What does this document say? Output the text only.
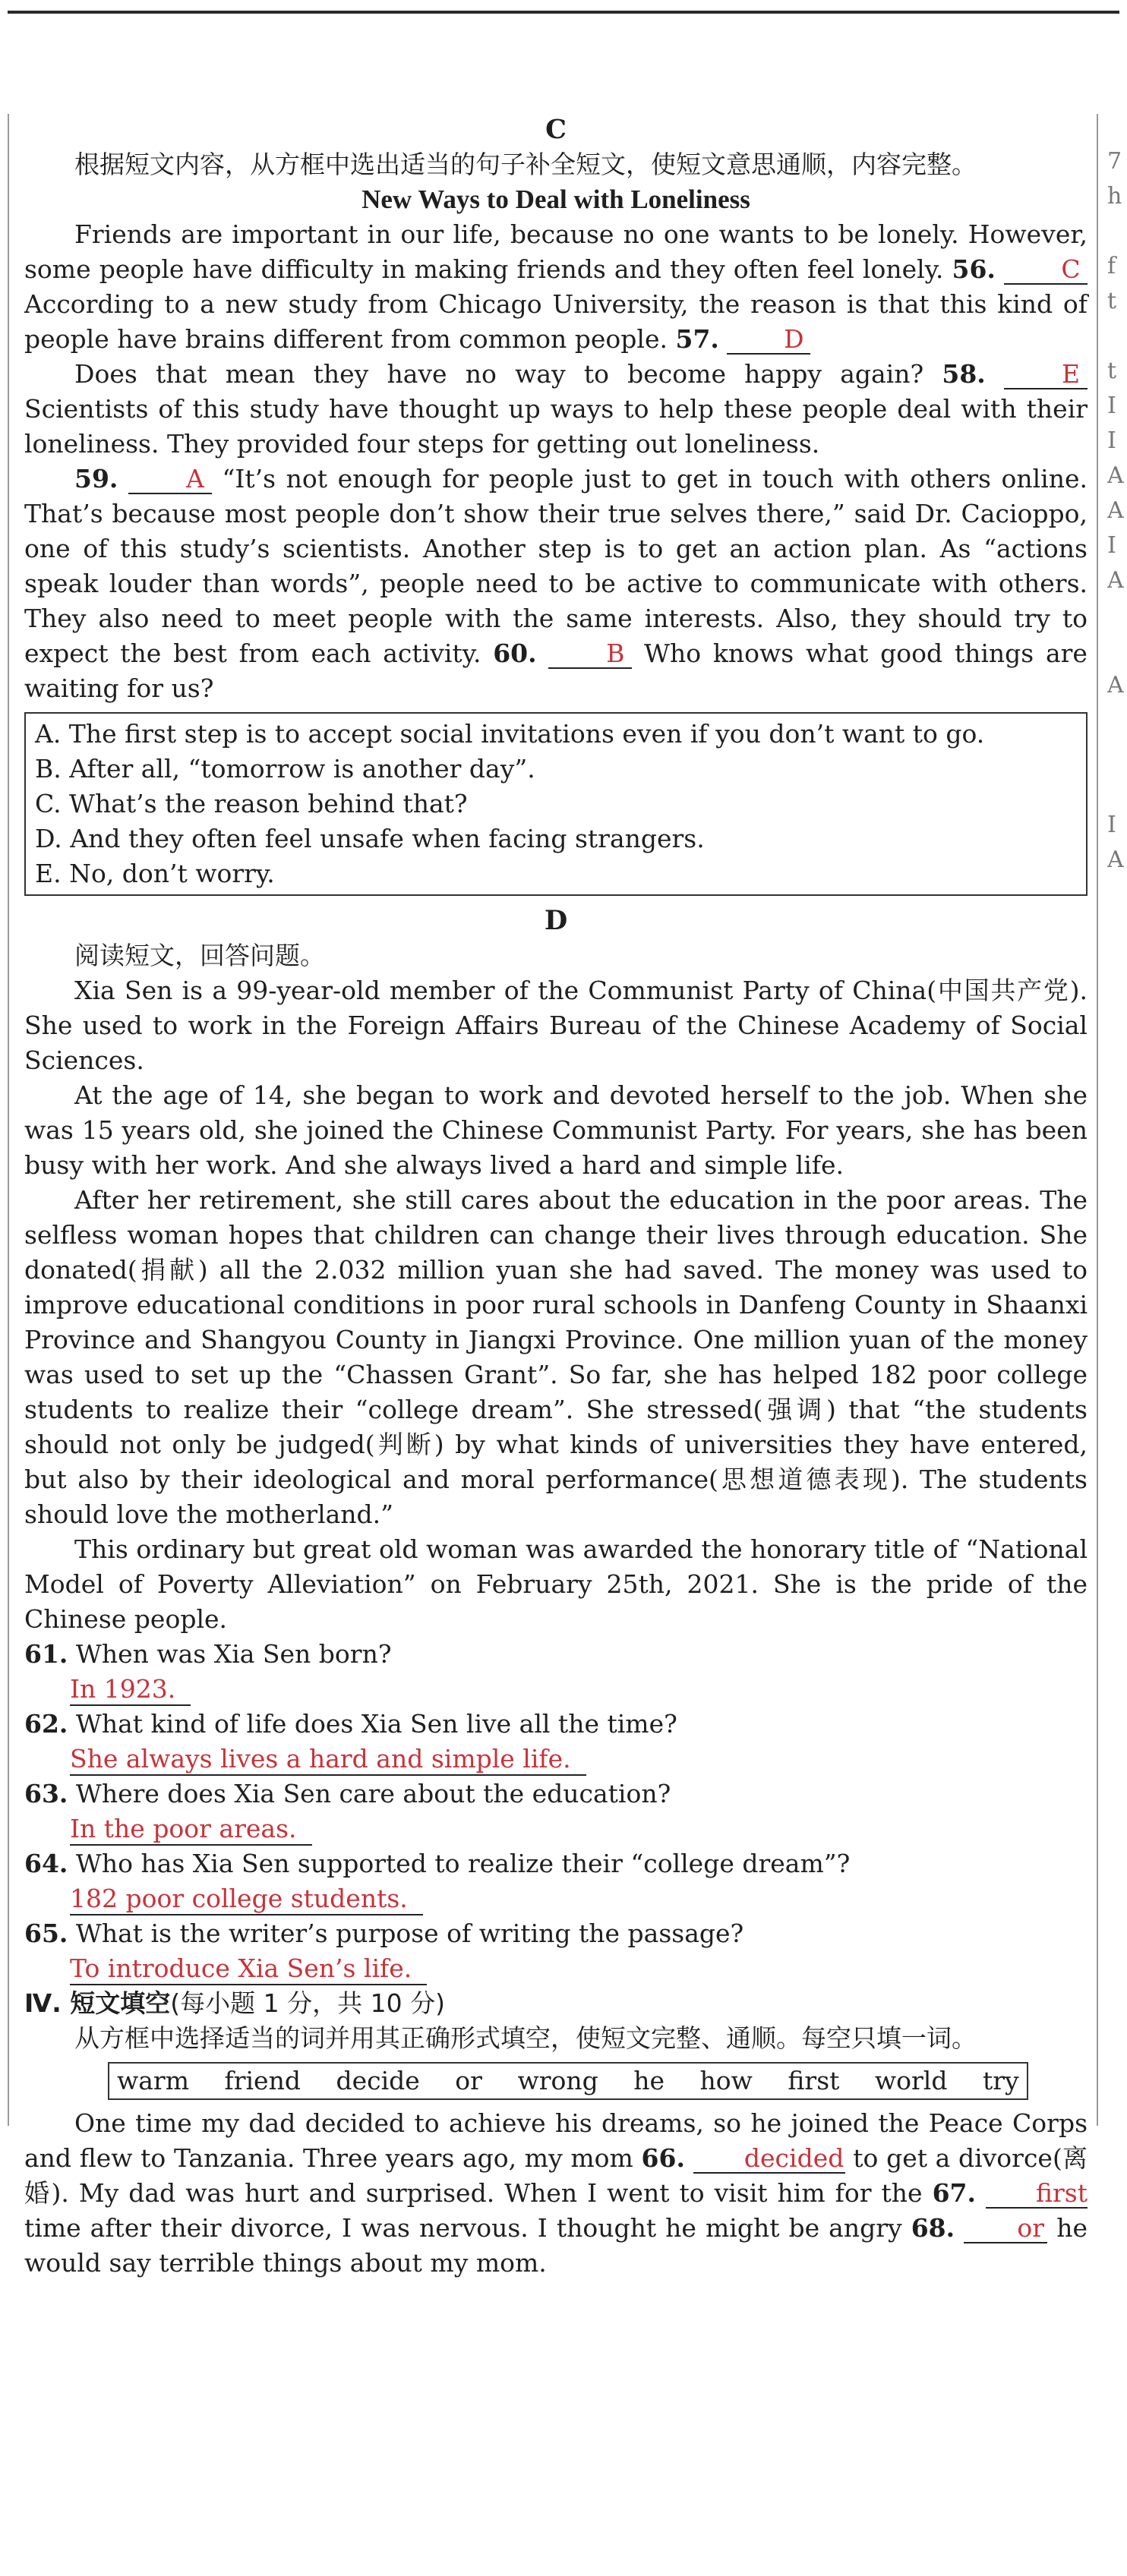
7
h
f
t
t
I
I
A
A
I
A
A
I
A
C

根据短文内容，从方框中选出适当的句子补全短文，使短文意思通顺，内容完整。

New Ways to Deal with Loneliness

Friends are important in our life, because no one wants to be lonely. However, some people have difficulty in making friends and they often feel lonely. 56.	C According to a new study from Chicago University, the reason is that this kind of people have brains different from common people. 57.	D

Does that mean they have no way to become happy again? 58.	E Scientists of this study have thought up ways to help these people deal with their loneliness. They provided four steps for getting out loneliness.

59.	A “It’s not enough for people just to get in touch with others online. That’s because most people don’t show their true selves there,” said Dr. Cacioppo, one of this study’s scientists. Another step is to get an action plan. As “actions speak louder than words”, people need to be active to communicate with others. They also need to meet people with the same interests. Also, they should try to expect the best from each activity. 60.	B Who knows what good things are waiting for us?

A. The first step is to accept social invitations even if you don’t want to go.
B. After all, “tomorrow is another day”.
C. What’s the reason behind that?
D. And they often feel unsafe when facing strangers.
E. No, don’t worry.
D

阅读短文，回答问题。

Xia Sen is a 99-year-old member of the Communist Party of China(中国共产党). She used to work in the Foreign Affairs Bureau of the Chinese Academy of Social Sciences.

At the age of 14, she began to work and devoted herself to the job. When she was 15 years old, she joined the Chinese Communist Party. For years, she has been busy with her work. And she always lived a hard and simple life.

After her retirement, she still cares about the education in the poor areas. The selfless woman hopes that children can change their lives through education. She donated(捐献) all the 2.032 million yuan she had saved. The money was used to improve educational conditions in poor rural schools in Danfeng County in Shaanxi Province and Shangyou County in Jiangxi Province. One million yuan of the money was used to set up the “Chassen Grant”. So far, she has helped 182 poor college students to realize their “college dream”. She stressed(强调) that “the students should not only be judged(判断) by what kinds of universities they have entered, but also by their ideological and moral performance(思想道德表现). The students should love the motherland.”

This ordinary but great old woman was awarded the honorary title of “National Model of Poverty Alleviation” on February 25th, 2021. She is the pride of the Chinese people.

61. When was Xia Sen born?

In 1923.

62. What kind of life does Xia Sen live all the time?

She always lives a hard and simple life.

63. Where does Xia Sen care about the education?

In the poor areas.

64. Who has Xia Sen supported to realize their “college dream”?

182 poor college students.

65. What is the writer’s purpose of writing the passage?

To introduce Xia Sen’s life.
Ⅳ. 短文填空(每小题 1 分，共 10 分)

从方框中选择适当的词并用其正确形式填空，使短文完整、通顺。每空只填一词。

warm friend decide or wrong he how first world try

One time my dad decided to achieve his dreams, so he joined the Peace Corps and flew to Tanzania. Three years ago, my mom 66. decided to get a divorce(离婚). My dad was hurt and surprised. When I went to visit him for the 67. first time after their divorce, I was nervous. I thought he might be angry 68. or he would say terrible things about my mom.
